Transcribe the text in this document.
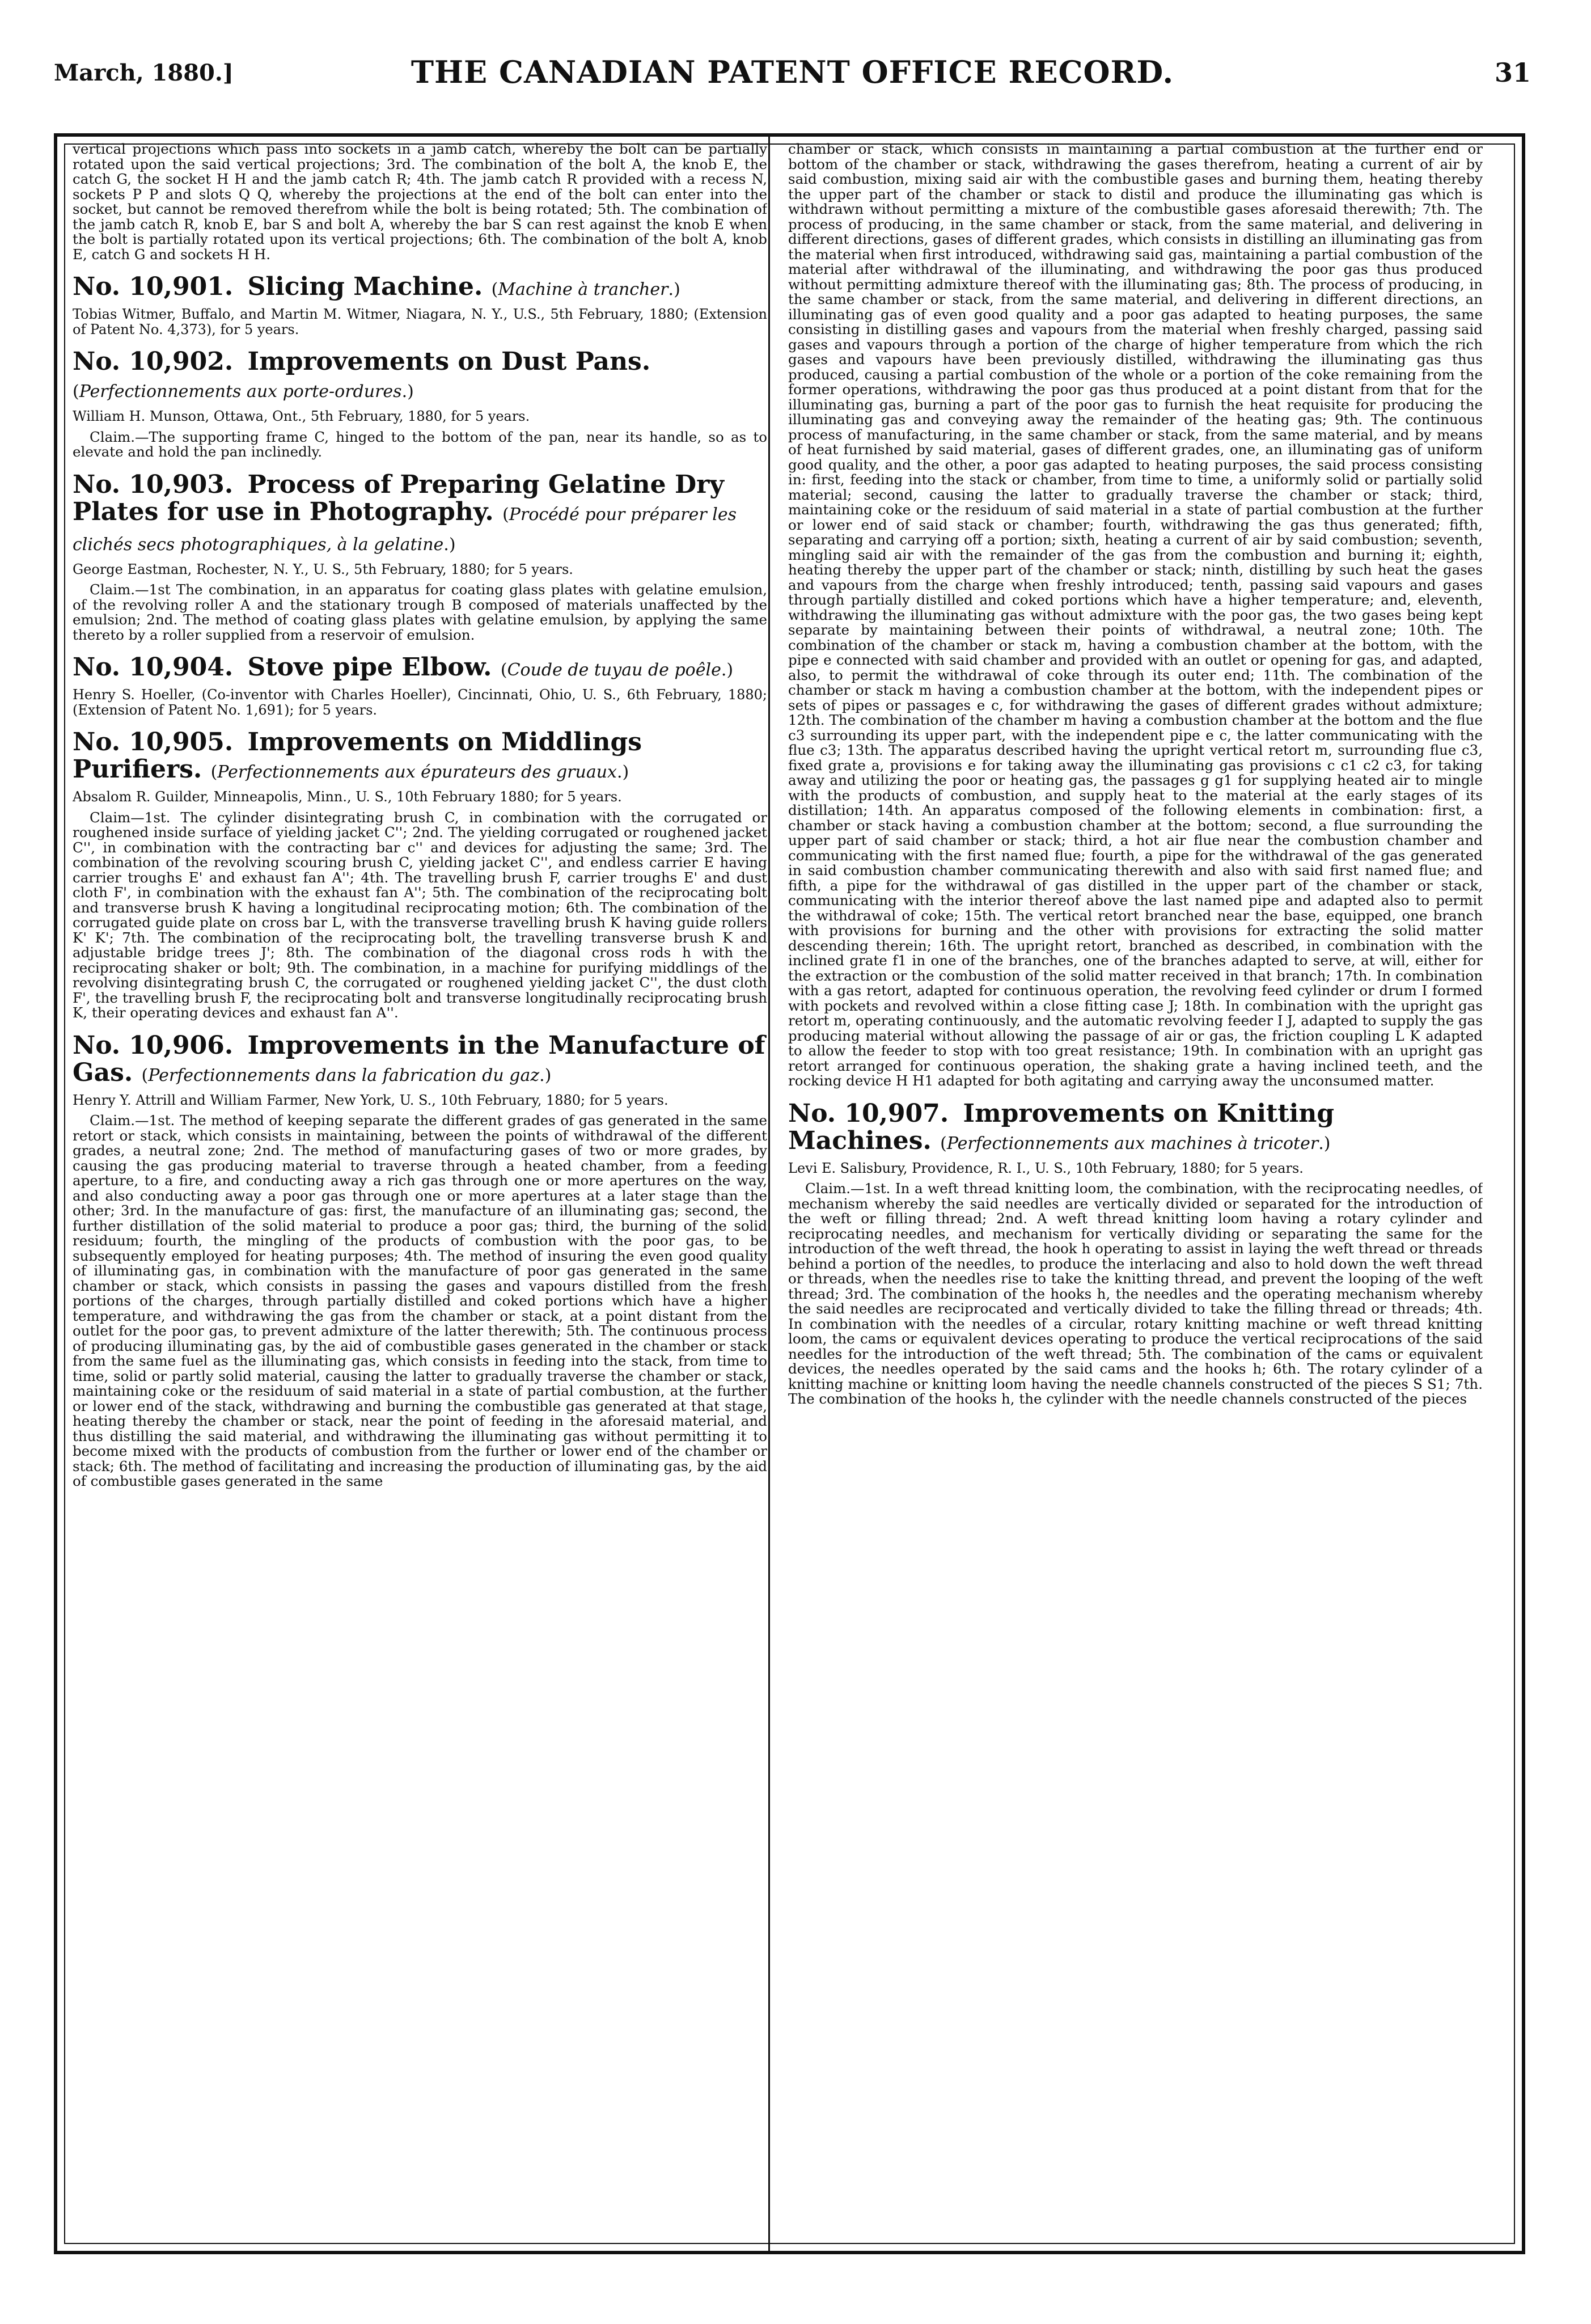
March, 1880.]	THE CANADIAN PATENT OFFICE RECORD.	31

vertical projections which pass into sockets in a jamb catch, whereby the bolt can be partially rotated upon the said vertical projections; 3rd. The combination of the bolt A, the knob E, the catch G, the socket H H and the jamb catch R; 4th. The jamb catch R provided with a recess N, sockets P P and slots Q Q, whereby the projections at the end of the bolt can enter into the socket, but cannot be removed therefrom while the bolt is being rotated; 5th. The combination of the jamb catch R, knob E, bar S and bolt A, whereby the bar S can rest against the knob E when the bolt is partially rotated upon its vertical projections; 6th. The combination of the bolt A, knob E, catch G and sockets H H.

No. 10,901. Slicing Machine. ( Machine à trancher .)

Tobias Witmer, Buffalo, and Martin M. Witmer, Niagara, N. Y., U.S., 5th February, 1880; (Extension of Patent No. 4,373), for 5 years.

No. 10,902. Improvements on Dust Pans. ( Perfectionnements aux porte-ordures .)

William H. Munson, Ottawa, Ont., 5th February, 1880, for 5 years.

Claim.—The supporting frame C, hinged to the bottom of the pan, near its handle, so as to elevate and hold the pan inclinedly.

No. 10,903. Process of Preparing Gelatine Dry Plates for use in Photography. ( Procédé pour préparer les clichés secs photographiques, à la gelatine .)

George Eastman, Rochester, N. Y., U. S., 5th February, 1880; for 5 years.

Claim.—1st The combination, in an apparatus for coating glass plates with gelatine emulsion, of the revolving roller A and the stationary trough B composed of materials unaffected by the emulsion; 2nd. The method of coating glass plates with gelatine emulsion, by applying the same thereto by a roller supplied from a reservoir of emulsion.

No. 10,904. Stove pipe Elbow. ( Coude de tuyau de poêle .)

Henry S. Hoeller, (Co-inventor with Charles Hoeller), Cincinnati, Ohio, U. S., 6th February, 1880; (Extension of Patent No. 1,691); for 5 years.

No. 10,905. Improvements on Middlings Purifiers. ( Perfectionnements aux épurateurs des gruaux .)

Absalom R. Guilder, Minneapolis, Minn., U. S., 10th February 1880; for 5 years.

Claim—1st. The cylinder disintegrating brush C, in combination with the corrugated or roughened inside surface of yielding jacket C''; 2nd. The yielding corrugated or roughened jacket C'', in combination with the contracting bar c'' and devices for adjusting the same; 3rd. The combination of the revolving scouring brush C, yielding jacket C'', and endless carrier E having carrier troughs E' and exhaust fan A''; 4th. The travelling brush F, carrier troughs E' and dust cloth F', in combination with the exhaust fan A''; 5th. The combination of the reciprocating bolt and transverse brush K having a longitudinal reciprocating motion; 6th. The combination of the corrugated guide plate on cross bar L, with the transverse travelling brush K having guide rollers K' K'; 7th. The combination of the reciprocating bolt, the travelling transverse brush K and adjustable bridge trees J'; 8th. The combination of the diagonal cross rods h with the reciprocating shaker or bolt; 9th. The combination, in a machine for purifying middlings of the revolving disintegrating brush C, the corrugated or roughened yielding jacket C'', the dust cloth F', the travelling brush F, the reciprocating bolt and transverse longitudinally reciprocating brush K, their operating devices and exhaust fan A''.

No. 10,906. Improvements in the Manufacture of Gas. ( Perfectionnements dans la fabrication du gaz .)

Henry Y. Attrill and William Farmer, New York, U. S., 10th February, 1880; for 5 years.

Claim.—1st. The method of keeping separate the different grades of gas generated in the same retort or stack, which consists in maintaining, between the points of withdrawal of the different grades, a neutral zone; 2nd. The method of manufacturing gases of two or more grades, by causing the gas producing material to traverse through a heated chamber, from a feeding aperture, to a fire, and conducting away a rich gas through one or more apertures on the way, and also conducting away a poor gas through one or more apertures at a later stage than the other; 3rd. In the manufacture of gas: first, the manufacture of an illuminating gas; second, the further distillation of the solid material to produce a poor gas; third, the burning of the solid residuum; fourth, the mingling of the products of combustion with the poor gas, to be subsequently employed for heating purposes; 4th. The method of insuring the even good quality of illuminating gas, in combination with the manufacture of poor gas generated in the same chamber or stack, which consists in passing the gases and vapours distilled from the fresh portions of the charges, through partially distilled and coked portions which have a higher temperature, and withdrawing the gas from the chamber or stack, at a point distant from the outlet for the poor gas, to prevent admixture of the latter therewith; 5th. The continuous process of producing illuminating gas, by the aid of combustible gases generated in the chamber or stack from the same fuel as the illuminating gas, which consists in feeding into the stack, from time to time, solid or partly solid material, causing the latter to gradually traverse the chamber or stack, maintaining coke or the residuum of said material in a state of partial combustion, at the further or lower end of the stack, withdrawing and burning the combustible gas generated at that stage, heating thereby the chamber or stack, near the point of feeding in the aforesaid material, and thus distilling the said material, and withdrawing the illuminating gas without permitting it to become mixed with the products of combustion from the further or lower end of the chamber or stack; 6th. The method of facilitating and increasing the production of illuminating gas, by the aid of combustible gases generated in the same

chamber or stack, which consists in maintaining a partial combustion at the further end or bottom of the chamber or stack, withdrawing the gases therefrom, heating a current of air by said combustion, mixing said air with the combustible gases and burning them, heating thereby the upper part of the chamber or stack to distil and produce the illuminating gas which is withdrawn without permitting a mixture of the combustible gases aforesaid therewith; 7th. The process of producing, in the same chamber or stack, from the same material, and delivering in different directions, gases of different grades, which consists in distilling an illuminating gas from the material when first introduced, withdrawing said gas, maintaining a partial combustion of the material after withdrawal of the illuminating, and withdrawing the poor gas thus produced without permitting admixture thereof with the illuminating gas; 8th. The process of producing, in the same chamber or stack, from the same material, and delivering in different directions, an illuminating gas of even good quality and a poor gas adapted to heating purposes, the same consisting in distilling gases and vapours from the material when freshly charged, passing said gases and vapours through a portion of the charge of higher temperature from which the rich gases and vapours have been previously distilled, withdrawing the illuminating gas thus produced, causing a partial combustion of the whole or a portion of the coke remaining from the former operations, withdrawing the poor gas thus produced at a point distant from that for the illuminating gas, burning a part of the poor gas to furnish the heat requisite for producing the illuminating gas and conveying away the remainder of the heating gas; 9th. The continuous process of manufacturing, in the same chamber or stack, from the same material, and by means of heat furnished by said material, gases of different grades, one, an illuminating gas of uniform good quality, and the other, a poor gas adapted to heating purposes, the said process consisting in: first, feeding into the stack or chamber, from time to time, a uniformly solid or partially solid material; second, causing the latter to gradually traverse the chamber or stack; third, maintaining coke or the residuum of said material in a state of partial combustion at the further or lower end of said stack or chamber; fourth, withdrawing the gas thus generated; fifth, separating and carrying off a portion; sixth, heating a current of air by said combustion; seventh, mingling said air with the remainder of the gas from the combustion and burning it; eighth, heating thereby the upper part of the chamber or stack; ninth, distilling by such heat the gases and vapours from the charge when freshly introduced; tenth, passing said vapours and gases through partially distilled and coked portions which have a higher temperature; and, eleventh, withdrawing the illuminating gas without admixture with the poor gas, the two gases being kept separate by maintaining between their points of withdrawal, a neutral zone; 10th. The combination of the chamber or stack m, having a combustion chamber at the bottom, with the pipe e connected with said chamber and provided with an outlet or opening for gas, and adapted, also, to permit the withdrawal of coke through its outer end; 11th. The combination of the chamber or stack m having a combustion chamber at the bottom, with the independent pipes or sets of pipes or passages e c, for withdrawing the gases of different grades without admixture; 12th. The combination of the chamber m having a combustion chamber at the bottom and the flue c3 surrounding its upper part, with the independent pipe e c, the latter communicating with the flue c3; 13th. The apparatus described having the upright vertical retort m, surrounding flue c3, fixed grate a, provisions e for taking away the illuminating gas provisions c c1 c2 c3, for taking away and utilizing the poor or heating gas, the passages g g1 for supplying heated air to mingle with the products of combustion, and supply heat to the material at the early stages of its distillation; 14th. An apparatus composed of the following elements in combination: first, a chamber or stack having a combustion chamber at the bottom; second, a flue surrounding the upper part of said chamber or stack; third, a hot air flue near the combustion chamber and communicating with the first named flue; fourth, a pipe for the withdrawal of the gas generated in said combustion chamber communicating therewith and also with said first named flue; and fifth, a pipe for the withdrawal of gas distilled in the upper part of the chamber or stack, communicating with the interior thereof above the last named pipe and adapted also to permit the withdrawal of coke; 15th. The vertical retort branched near the base, equipped, one branch with provisions for burning and the other with provisions for extracting the solid matter descending therein; 16th. The upright retort, branched as described, in combination with the inclined grate f1 in one of the branches, one of the branches adapted to serve, at will, either for the extraction or the combustion of the solid matter received in that branch; 17th. In combination with a gas retort, adapted for continuous operation, the revolving feed cylinder or drum I formed with pockets and revolved within a close fitting case J; 18th. In combination with the upright gas retort m, operating continuously, and the automatic revolving feeder I J, adapted to supply the gas producing material without allowing the passage of air or gas, the friction coupling L K adapted to allow the feeder to stop with too great resistance; 19th. In combination with an upright gas retort arranged for continuous operation, the shaking grate a having inclined teeth, and the rocking device H H1 adapted for both agitating and carrying away the unconsumed matter.

No. 10,907. Improvements on Knitting Machines. ( Perfectionnements aux machines à tricoter .)

Levi E. Salisbury, Providence, R. I., U. S., 10th February, 1880; for 5 years.

Claim.—1st. In a weft thread knitting loom, the combination, with the reciprocating needles, of mechanism whereby the said needles are vertically divided or separated for the introduction of the weft or filling thread; 2nd. A weft thread knitting loom having a rotary cylinder and reciprocating needles, and mechanism for vertically dividing or separating the same for the introduction of the weft thread, the hook h operating to assist in laying the weft thread or threads behind a portion of the needles, to produce the interlacing and also to hold down the weft thread or threads, when the needles rise to take the knitting thread, and prevent the looping of the weft thread; 3rd. The combination of the hooks h, the needles and the operating mechanism whereby the said needles are reciprocated and vertically divided to take the filling thread or threads; 4th. In combination with the needles of a circular, rotary knitting machine or weft thread knitting loom, the cams or equivalent devices operating to produce the vertical reciprocations of the said needles for the introduction of the weft thread; 5th. The combination of the cams or equivalent devices, the needles operated by the said cams and the hooks h; 6th. The rotary cylinder of a knitting machine or knitting loom having the needle channels constructed of the pieces S S1; 7th. The combination of the hooks h, the cylinder with the needle channels constructed of the pieces
